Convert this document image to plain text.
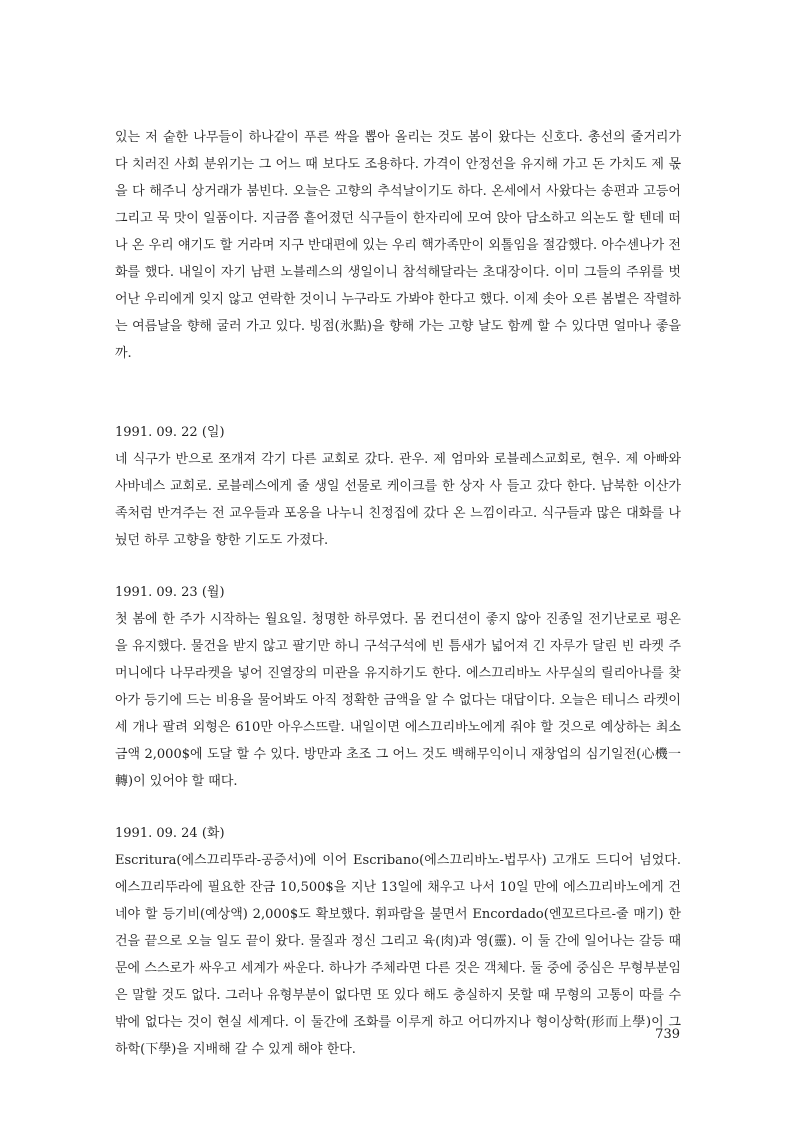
있는 저 숱한 나무들이 하나같이 푸른 싹을 뽑아 올리는 것도 봄이 왔다는 신호다. 총선의 줄거리가 다 치러진 사회 분위기는 그 어느 때 보다도 조용하다. 가격이 안정선을 유지해 가고 돈 가치도 제 몫을 다 해주니 상거래가 붐빈다. 오늘은 고향의 추석날이기도 하다. 온세에서 사왔다는 송편과 고등어 그리고 묵 맛이 일품이다. 지금쯤 흩어졌던 식구들이 한자리에 모여 앉아 담소하고 의논도 할 텐데 떠나 온 우리 얘기도 할 거라며 지구 반대편에 있는 우리 핵가족만이 외톨임을 절감했다. 아수센나가 전화를 했다. 내일이 자기 남편 노블레스의 생일이니 참석해달라는 초대장이다. 이미 그들의 주위를 벗어난 우리에게 잊지 않고 연락한 것이니 누구라도 가봐야 한다고 했다. 이제 솟아 오른 봄볕은 작렬하는 여름날을 향해 굴러 가고 있다. 빙점(氷點)을 향해 가는 고향 날도 함께 할 수 있다면 얼마나 좋을까.

1991. 09. 22 (일)

네 식구가 반으로 쪼개져 각기 다른 교회로 갔다. 관우. 제 엄마와 로블레스교회로, 현우. 제 아빠와 사바네스 교회로. 로블레스에게 줄 생일 선물로 케이크를 한 상자 사 들고 갔다 한다. 남북한 이산가족처럼 반겨주는 전 교우들과 포옹을 나누니 친정집에 갔다 온 느낌이라고. 식구들과 많은 대화를 나눴던 하루 고향을 향한 기도도 가졌다.

1991. 09. 23 (월)

첫 봄에 한 주가 시작하는 월요일. 청명한 하루였다. 몸 컨디션이 좋지 않아 진종일 전기난로로 평온을 유지했다. 물건을 받지 않고 팔기만 하니 구석구석에 빈 틈새가 넓어져 긴 자루가 달린 빈 라켓 주머니에다 나무라켓을 넣어 진열장의 미관을 유지하기도 한다. 에스끄리바노 사무실의 릴리아나를 찾아가 등기에 드는 비용을 물어봐도 아직 정확한 금액을 알 수 없다는 대답이다. 오늘은 테니스 라켓이 세 개나 팔려 외형은 610만 아우스뜨랄. 내일이면 에스끄리바노에게 줘야 할 것으로 예상하는 최소금액 2,000$에 도달 할 수 있다. 방만과 초조 그 어느 것도 백해무익이니 재창업의 심기일전(心機一轉)이 있어야 할 때다.

1991. 09. 24 (화)

Escritura(에스끄리뚜라-공증서)에 이어 Escribano(에스끄리바노-법무사) 고개도 드디어 넘었다. 에스끄리뚜라에 필요한 잔금 10,500$을 지난 13일에 채우고 나서 10일 만에 에스끄리바노에게 건네야 할 등기비(예상액) 2,000$도 확보했다. 휘파람을 불면서 Encordado(엔꼬르다르-줄 매기) 한 건을 끝으로 오늘 일도 끝이 왔다. 물질과 정신 그리고 육(肉)과 영(靈). 이 둘 간에 일어나는 갈등 때문에 스스로가 싸우고 세계가 싸운다. 하나가 주체라면 다른 것은 객체다. 둘 중에 중심은 무형부분임은 말할 것도 없다. 그러나 유형부분이 없다면 또 있다 해도 충실하지 못할 때 무형의 고통이 따를 수밖에 없다는 것이 현실 세계다. 이 둘간에 조화를 이루게 하고 어디까지나 형이상학(形而上學)이 그 하학(下學)을 지배해 갈 수 있게 해야 한다.

739
